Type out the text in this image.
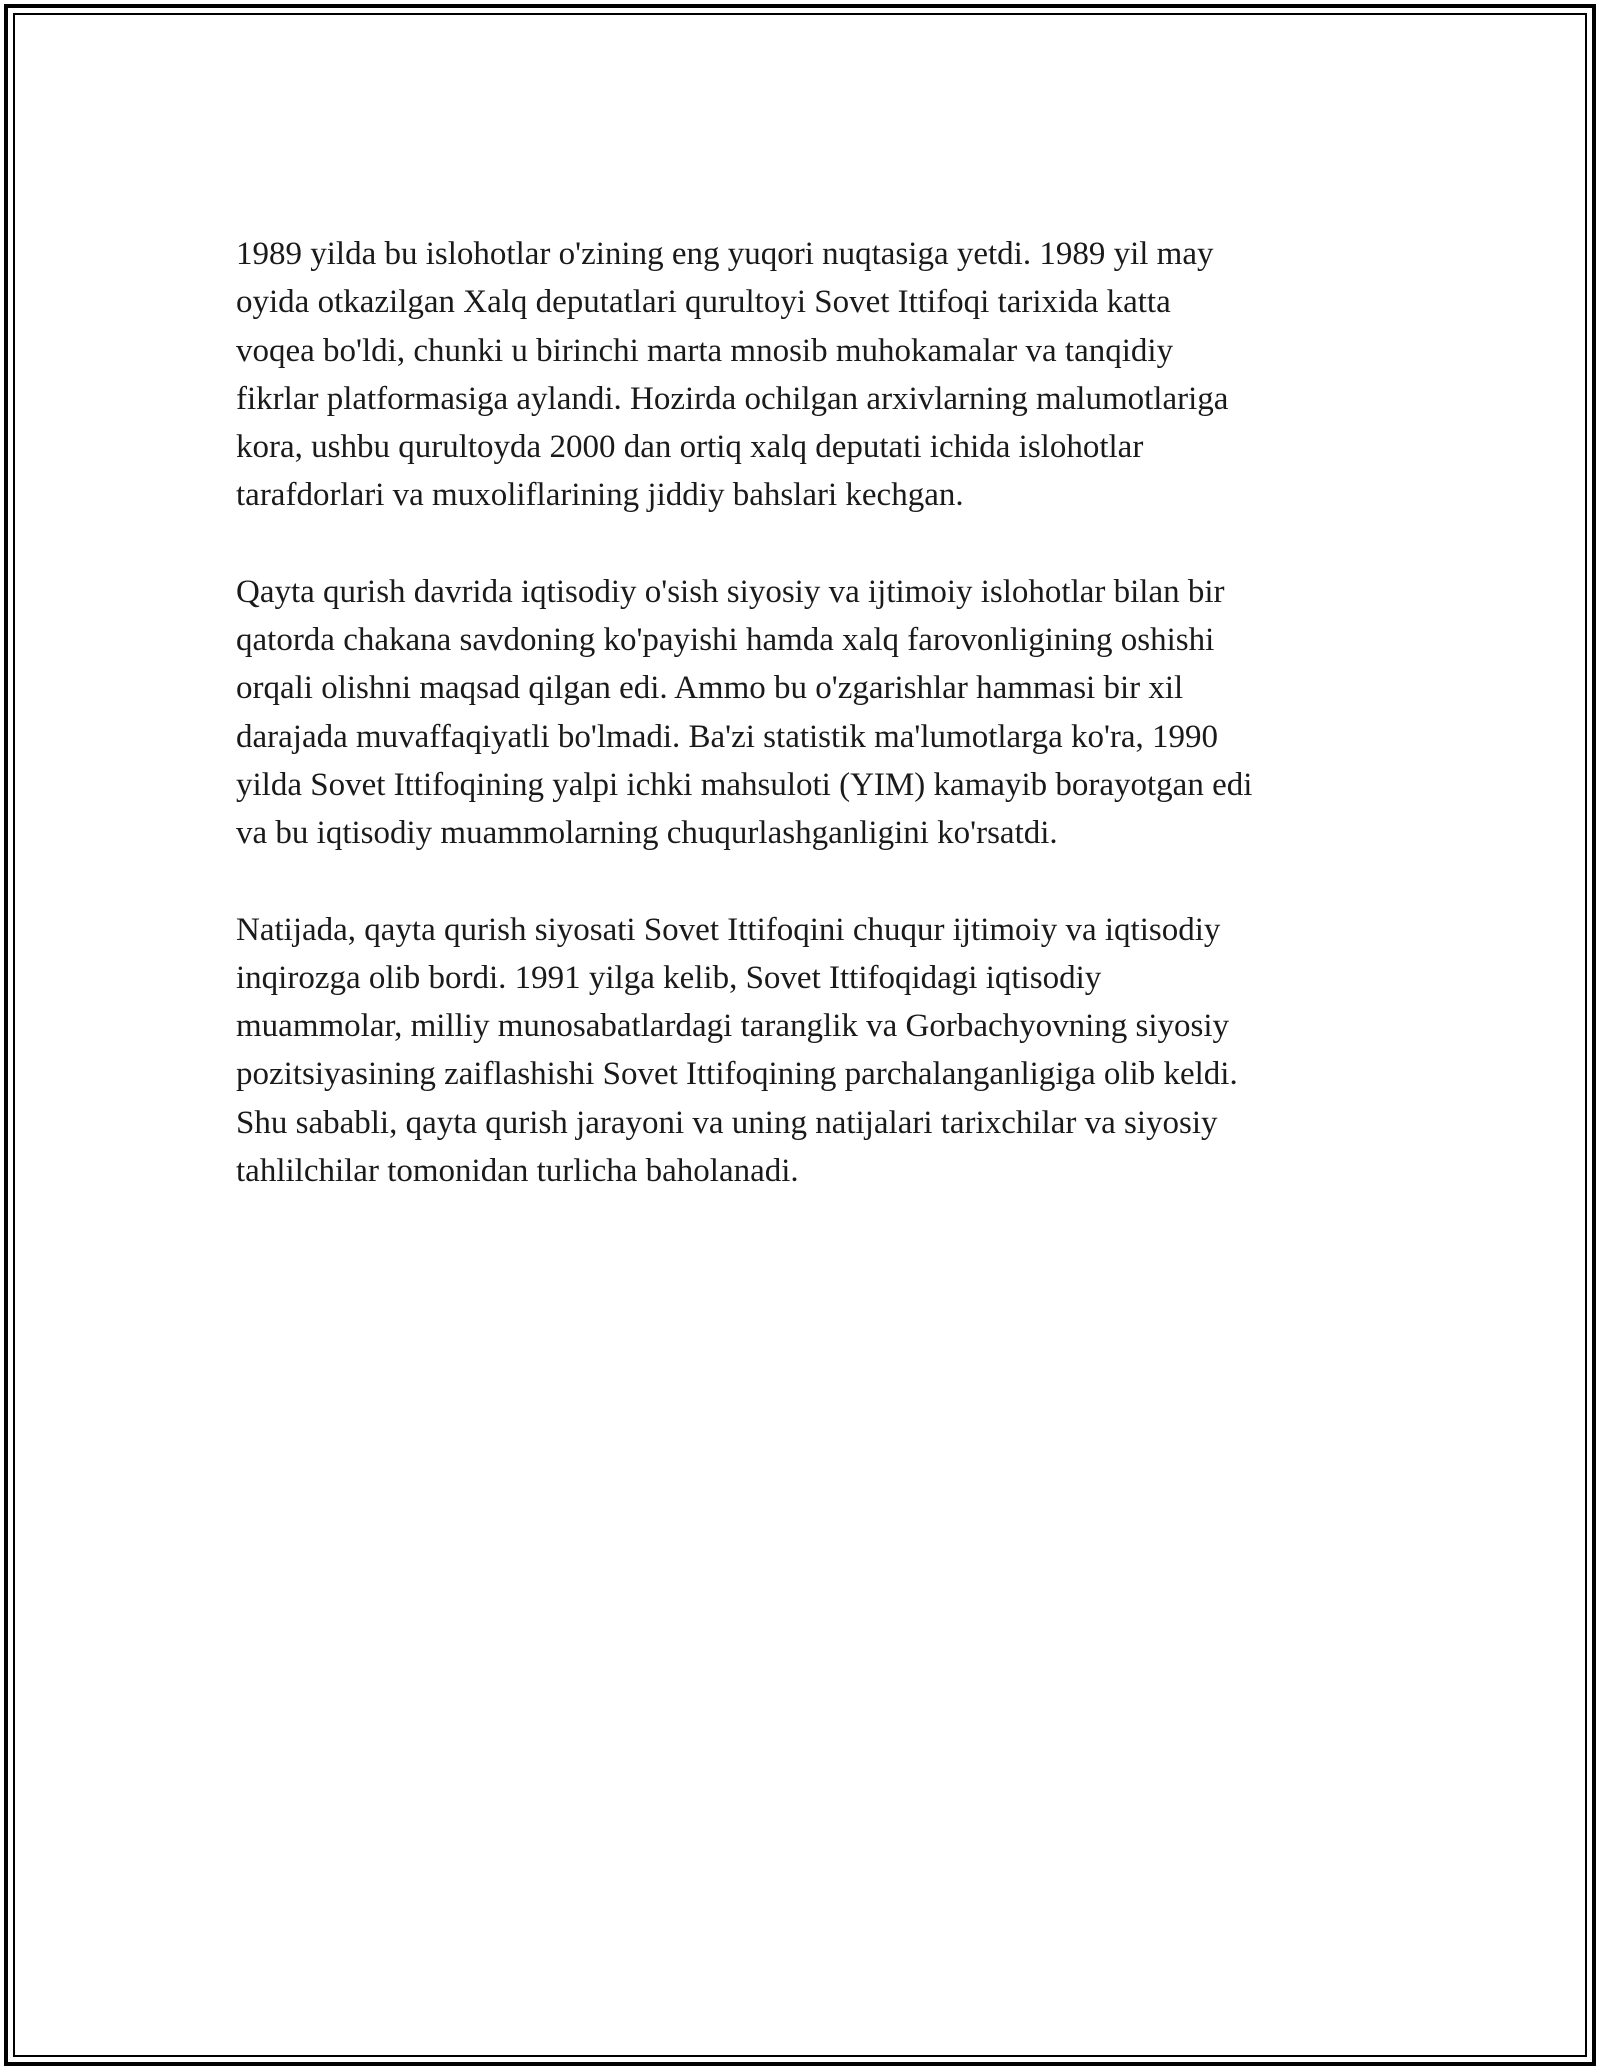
1989 yilda bu islohotlar o'zining eng yuqori nuqtasiga yetdi. 1989 yil may
oyida otkazilgan Xalq deputatlari qurultoyi Sovet Ittifoqi tarixida katta
voqea bo'ldi, chunki u birinchi marta mnosib muhokamalar va tanqidiy
fikrlar platformasiga aylandi. Hozirda ochilgan arxivlarning malumotlariga
kora, ushbu qurultoyda 2000 dan ortiq xalq deputati ichida islohotlar
tarafdorlari va muxoliflarining jiddiy bahslari kechgan.

Qayta qurish davrida iqtisodiy o'sish siyosiy va ijtimoiy islohotlar bilan bir
qatorda chakana savdoning ko'payishi hamda xalq farovonligining oshishi
orqali olishni maqsad qilgan edi. Ammo bu o'zgarishlar hammasi bir xil
darajada muvaffaqiyatli bo'lmadi. Ba'zi statistik ma'lumotlarga ko'ra, 1990
yilda Sovet Ittifoqining yalpi ichki mahsuloti (YIM) kamayib borayotgan edi
va bu iqtisodiy muammolarning chuqurlashganligini ko'rsatdi.

Natijada, qayta qurish siyosati Sovet Ittifoqini chuqur ijtimoiy va iqtisodiy
inqirozga olib bordi. 1991 yilga kelib, Sovet Ittifoqidagi iqtisodiy
muammolar, milliy munosabatlardagi taranglik va Gorbachyovning siyosiy
pozitsiyasining zaiflashishi Sovet Ittifoqining parchalanganligiga olib keldi.
Shu sababli, qayta qurish jarayoni va uning natijalari tarixchilar va siyosiy
tahlilchilar tomonidan turlicha baholanadi.
